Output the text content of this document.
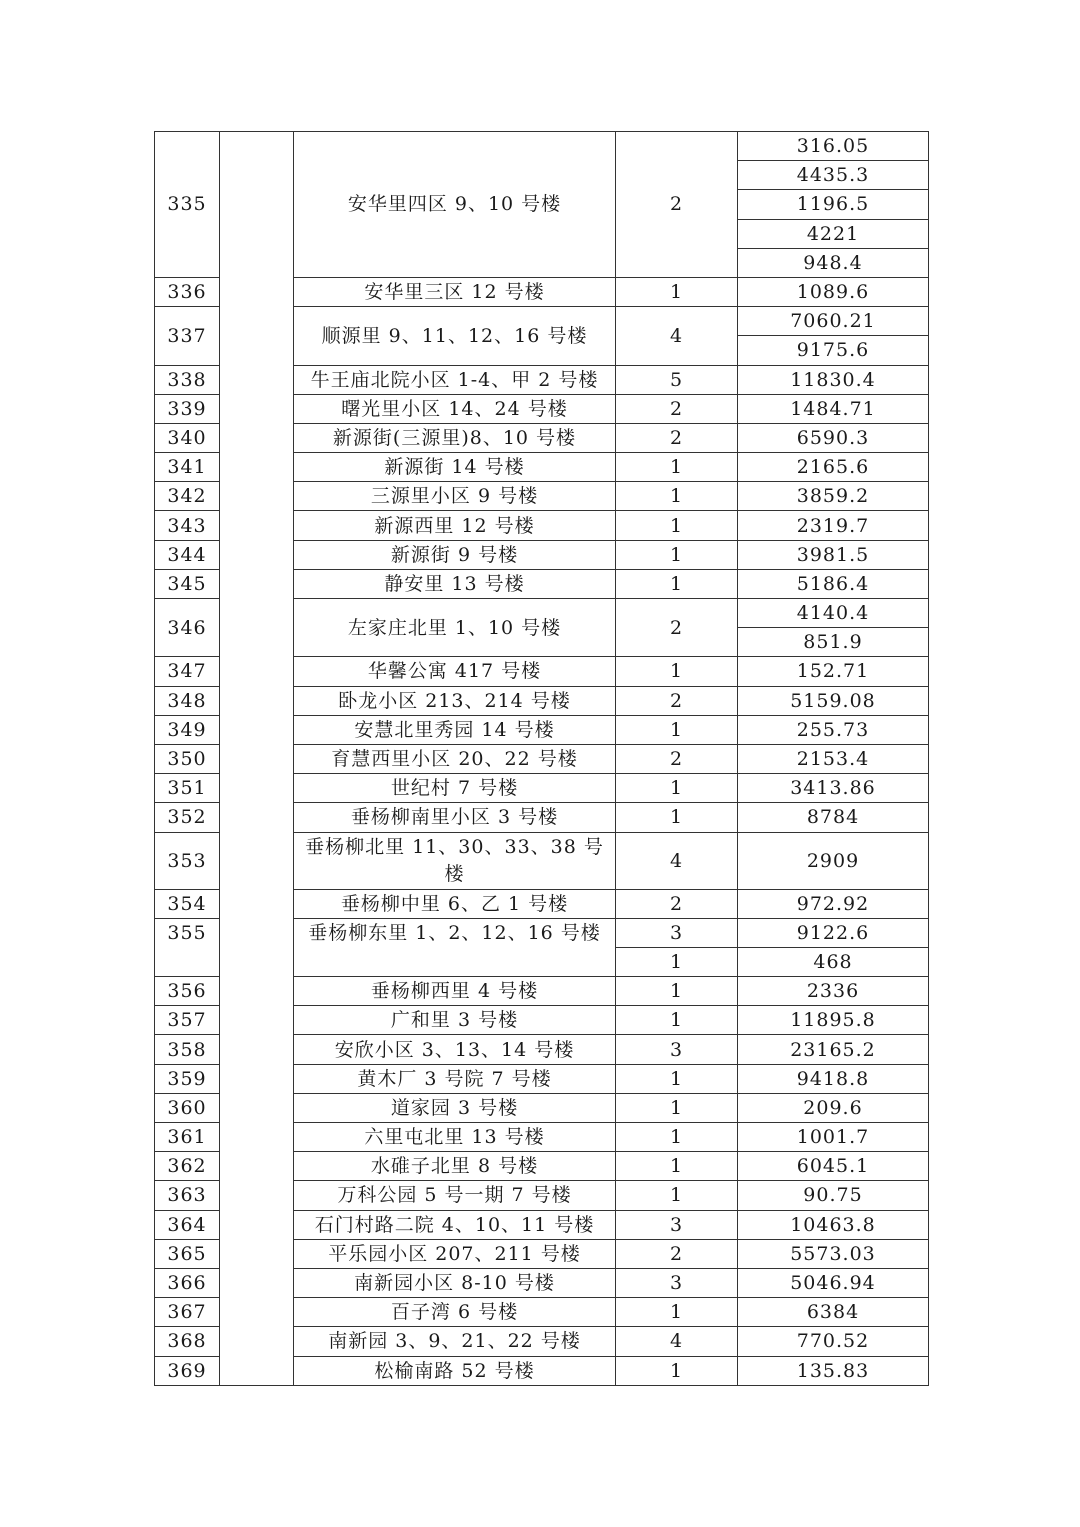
335		安华里四区 9、10 号楼	2	316.05
				4435.3
				1196.5
				4221
				948.4
336		安华里三区 12 号楼	1	1089.6
337		顺源里 9、11、12、16 号楼	4	7060.21
				9175.6
338		牛王庙北院小区 1-4、甲 2 号楼	5	11830.4
339		曙光里小区 14、24 号楼	2	1484.71
340		新源街(三源里)8、10 号楼	2	6590.3
341		新源街 14 号楼	1	2165.6
342		三源里小区 9 号楼	1	3859.2
343		新源西里 12 号楼	1	2319.7
344		新源街 9 号楼	1	3981.5
345		静安里 13 号楼	1	5186.4
346		左家庄北里 1、10 号楼	2	4140.4
				851.9
347		华馨公寓 417 号楼	1	152.71
348		卧龙小区 213、214 号楼	2	5159.08
349		安慧北里秀园 14 号楼	1	255.73
350		育慧西里小区 20、22 号楼	2	2153.4
351		世纪村 7 号楼	1	3413.86
352		垂杨柳南里小区 3 号楼	1	8784
353		垂杨柳北里 11、30、33、38 号楼	4	2909
354		垂杨柳中里 6、乙 1 号楼	2	972.92
355		垂杨柳东里 1、2、12、16 号楼	3	9122.6
			1	468
356		垂杨柳西里 4 号楼	1	2336
357		广和里 3 号楼	1	11895.8
358		安欣小区 3、13、14 号楼	3	23165.2
359		黄木厂 3 号院 7 号楼	1	9418.8
360		道家园 3 号楼	1	209.6
361		六里屯北里 13 号楼	1	1001.7
362		水碓子北里 8 号楼	1	6045.1
363		万科公园 5 号一期 7 号楼	1	90.75
364		石门村路二院 4、10、11 号楼	3	10463.8
365		平乐园小区 207、211 号楼	2	5573.03
366		南新园小区 8-10 号楼	3	5046.94
367		百子湾 6 号楼	1	6384
368		南新园 3、9、21、22 号楼	4	770.52
369		松榆南路 52 号楼	1	135.83
